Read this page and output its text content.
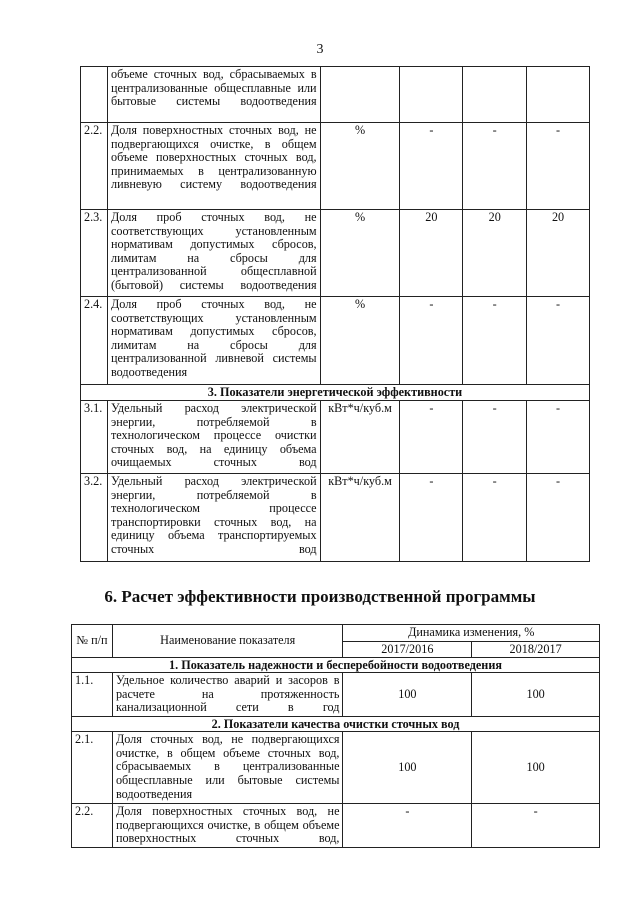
3
	объеме сточных вод, сбрасываемых в централизованные общесплавные или бытовые системы водоотведения				
2.2.	Доля поверхностных сточных вод, не подвергающихся очистке, в общем объеме поверхностных сточных вод, принимаемых в централизованную ливневую систему водоотведения	%	-	-	-
2.3.	Доля проб сточных вод, не соответствующих установленным нормативам допустимых сбросов, лимитам на сбросы для централизованной общесплавной (бытовой) системы водоотведения	%	20	20	20
2.4.	Доля проб сточных вод, не соответствующих установленным нормативам допустимых сбросов, лимитам на сбросы для централизованной ливневой системы водоотведения	%	-	-	-
3. Показатели энергетической эффективности					
3.1.	Удельный расход электрической энергии, потребляемой в технологическом процессе очистки сточных вод, на единицу объема очищаемых сточных вод	кВт*ч/куб.м	-	-	-
3.2.	Удельный расход электрической энергии, потребляемой в технологическом процессе транспортировки сточных вод, на единицу объема транспортируемых сточных вод	кВт*ч/куб.м	-	-	-
6. Расчет эффективности производственной программы
№ п/п	Наименование показателя	Динамика изменения, %	
		2017/2016	2018/2017
1. Показатель надежности и бесперебойности водоотведения			
1.1.	Удельное количество аварий и засоров в расчете на протяженность канализационной сети в год	100	100
2. Показатели качества очистки сточных вод			
2.1.	Доля сточных вод, не подвергающихся очистке, в общем объеме сточных вод, сбрасываемых в централизованные общесплавные или бытовые системы водоотведения	100	100
2.2.	Доля поверхностных сточных вод, не подвергающихся очистке, в общем объеме поверхностных сточных вод,	-	-
